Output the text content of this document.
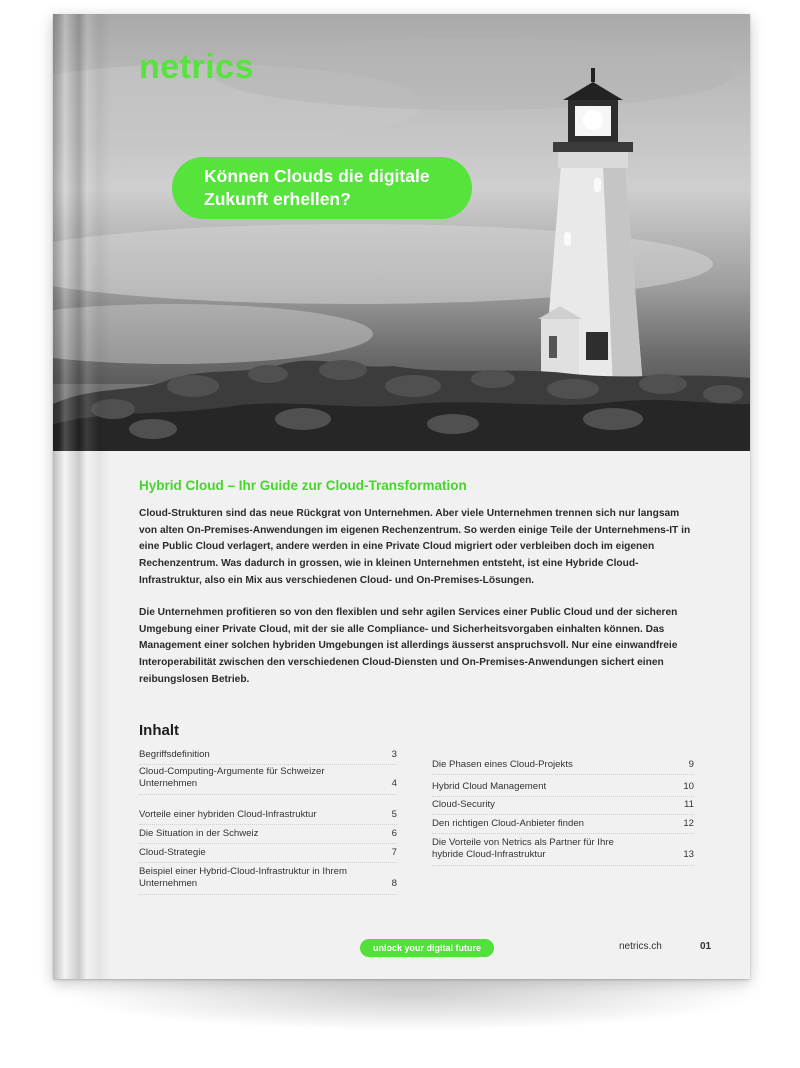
netrics
Können Clouds die digitale
Zukunft erhellen?
Hybrid Cloud – Ihr Guide zur Cloud-Transformation

Cloud-Strukturen sind das neue Rückgrat von Unternehmen. Aber viele Unternehmen trennen sich nur langsam von alten On-Premises-Anwendungen im eigenen Rechenzentrum. So werden einige Teile der Unternehmens-IT in eine Public Cloud verlagert, andere werden in eine Private Cloud migriert oder verbleiben doch im eigenen Rechenzentrum. Was dadurch in grossen, wie in kleinen Unternehmen entsteht, ist eine Hybride Cloud-Infrastruktur, also ein Mix aus verschiedenen Cloud- und On-Premises-Lösungen.

Die Unternehmen profitieren so von den flexiblen und sehr agilen Services einer Public Cloud und der sicheren Umgebung einer Private Cloud, mit der sie alle Compliance- und Sicherheitsvorgaben einhalten können. Das Management einer solchen hybriden Umgebungen ist allerdings äusserst anspruchsvoll. Nur eine einwandfreie Interoperabilität zwischen den verschiedenen Cloud-Diensten und On-Premises-Anwendungen sichert einen reibungslosen Betrieb.

Inhalt
Begriffsdefinition	3
Cloud-Computing-Argumente für Schweizer Unternehmen	4
Vorteile einer hybriden Cloud-Infrastruktur	5
Die Situation in der Schweiz	6
Cloud-Strategie	7
Beispiel einer Hybrid-Cloud-Infrastruktur in Ihrem Unternehmen	8
Die Phasen eines Cloud-Projekts	9
Hybrid Cloud Management	10
Cloud-Security	11
Den richtigen Cloud-Anbieter finden	12
Die Vorteile von Netrics als Partner für Ihre hybride Cloud-Infrastruktur	13
unlock your digital future	netrics.ch	01
